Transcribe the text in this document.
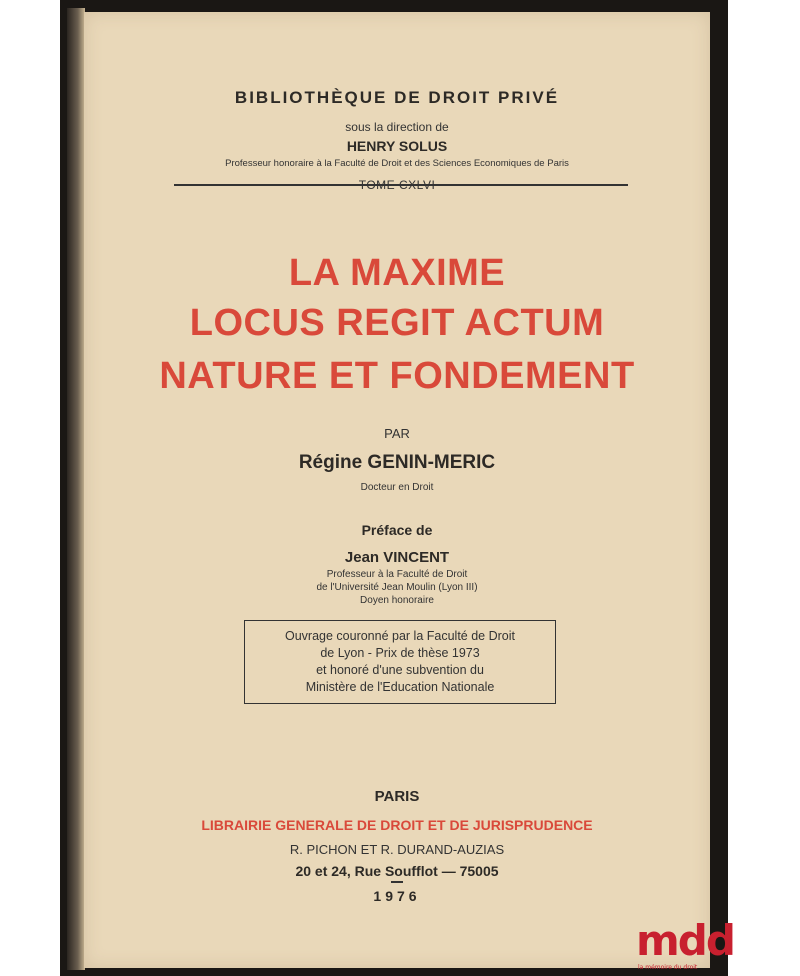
BIBLIOTHÈQUE DE DROIT PRIVÉ
sous la direction de
HENRY SOLUS
Professeur honoraire à la Faculté de Droit et des Sciences Economiques de Paris
LA MAXIME
LOCUS REGIT ACTUM
NATURE ET FONDEMENT
PAR
Régine GENIN-MERIC
Docteur en Droit
Préface de
Jean VINCENT
Professeur à la Faculté de Droit
de l'Université Jean Moulin (Lyon III)
Doyen honoraire
Ouvrage couronné par la Faculté de Droit
de Lyon - Prix de thèse 1973
et honoré d'une subvention du
Ministère de l'Education Nationale
PARIS
LIBRAIRIE GENERALE DE DROIT ET DE JURISPRUDENCE
R. PICHON ET R. DURAND-AUZIAS
20 et 24, Rue Soufflot — 75005
1976
mdd
la mémoire du droit
